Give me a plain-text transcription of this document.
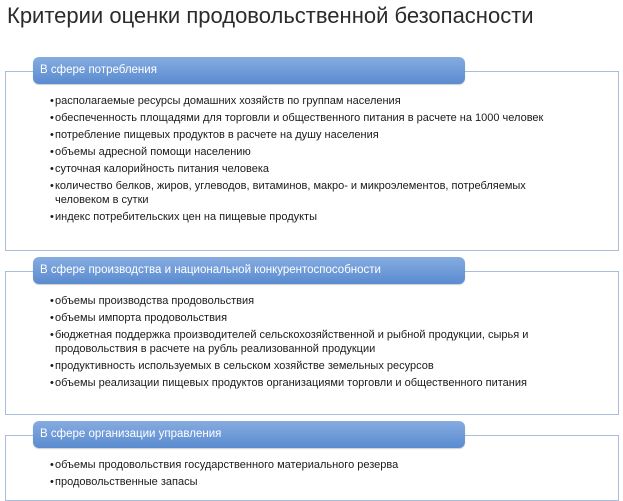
Критерии оценки продовольственной безопасности
В сфере потребления
• располагаемые ресурсы домашних хозяйств по группам населения
• обеспеченность площадями для торговли и общественного питания в расчете на 1000 человек
• потребление пищевых продуктов в расчете на душу населения
• объемы адресной помощи населению
• суточная калорийность питания человека
• количество белков, жиров, углеводов, витаминов, макро- и микроэлементов, потребляемых человеком в сутки
• индекс потребительских цен на пищевые продукты
В сфере производства и национальной конкурентоспособности
• объемы производства продовольствия
• объемы импорта продовольствия
• бюджетная поддержка производителей сельскохозяйственной и рыбной продукции, сырья и продовольствия в расчете на рубль реализованной продукции
• продуктивность используемых в сельском хозяйстве земельных ресурсов
• объемы реализации пищевых продуктов организациями торговли и общественного питания
В сфере организации управления
• объемы продовольствия государственного материального резерва
• продовольственные запасы
